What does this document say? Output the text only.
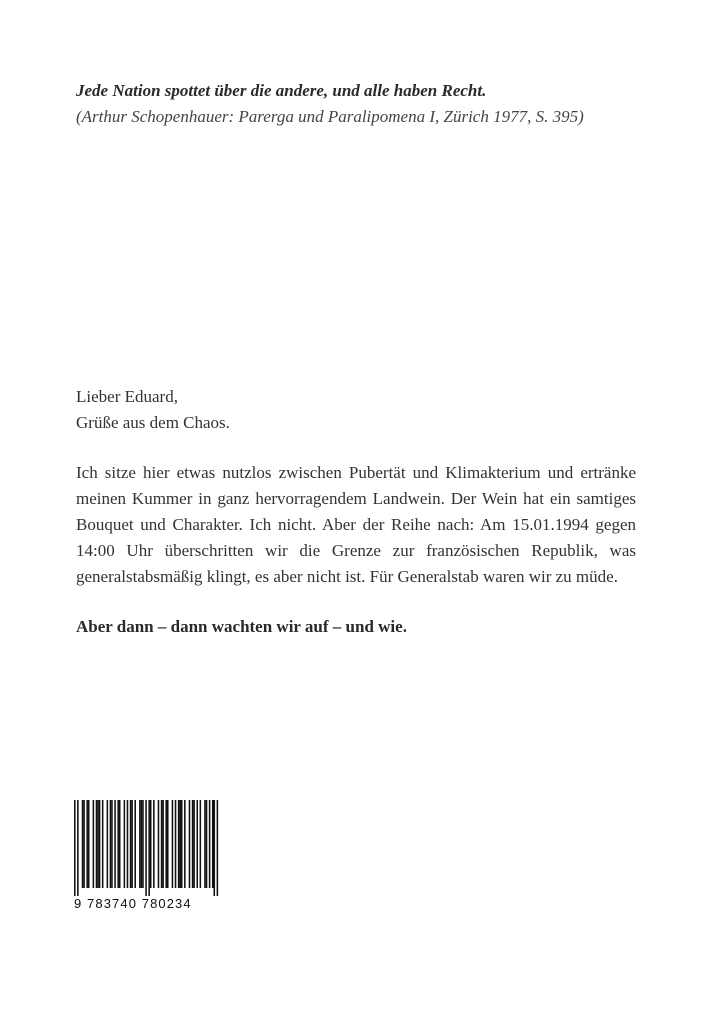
Jede Nation spottet über die andere, und alle haben Recht.
(Arthur Schopenhauer: Parerga und Paralipomena I, Zürich 1977, S. 395)

Lieber Eduard,

Grüße aus dem Chaos.

Ich sitze hier etwas nutzlos zwischen Pubertät und Klimakterium und ertränke meinen Kummer in ganz hervorragendem Landwein. Der Wein hat ein samtiges Bouquet und Charakter. Ich nicht. Aber der Reihe nach: Am 15.01.1994 gegen 14:00 Uhr überschritten wir die Grenze zur französischen Republik, was generalstabsmäßig klingt, es aber nicht ist. Für Generalstab waren wir zu müde.

Aber dann – dann wachten wir auf – und wie.

9 783740 780234
